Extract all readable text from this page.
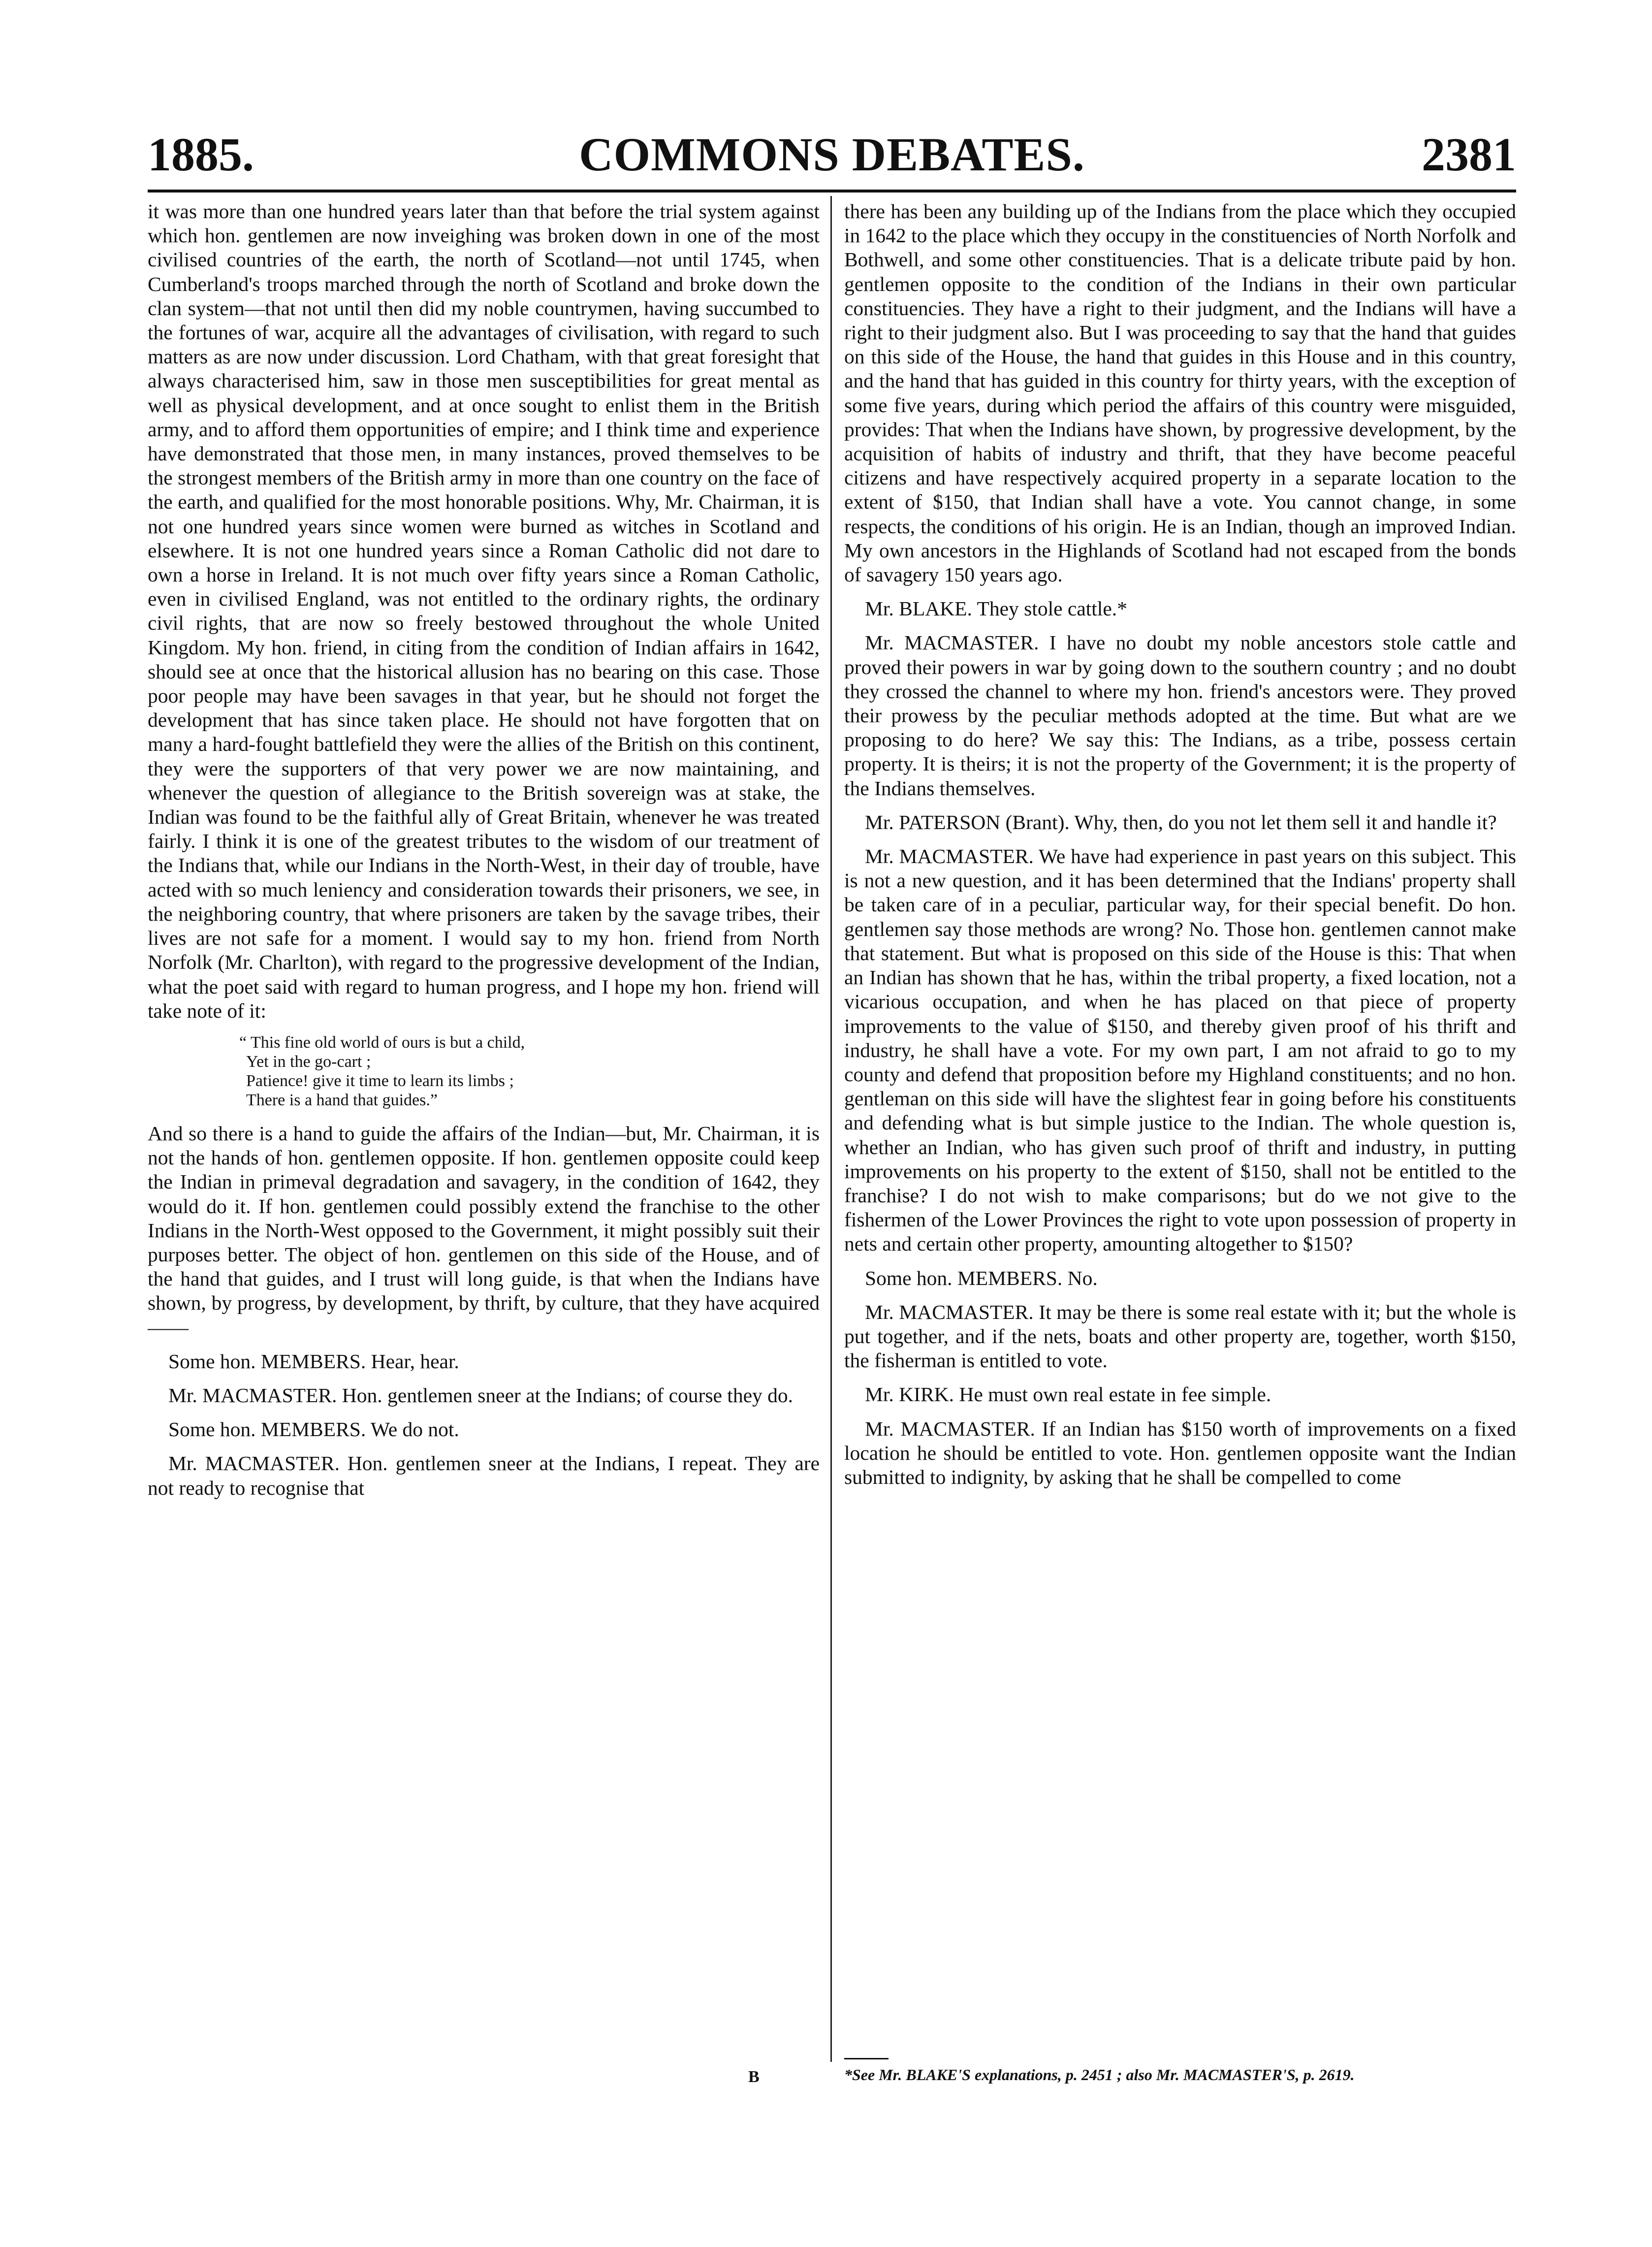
1885.	COMMONS DEBATES.	2381

it was more than one hundred years later than that before the trial system against which hon. gentlemen are now inveighing was broken down in one of the most civilised countries of the earth, the north of Scotland—not until 1745, when Cumberland's troops marched through the north of Scotland and broke down the clan system—that not until then did my noble countrymen, having succumbed to the fortunes of war, acquire all the advantages of civilisation, with regard to such matters as are now under discussion. Lord Chatham, with that great foresight that always characterised him, saw in those men susceptibilities for great mental as well as physical development, and at once sought to enlist them in the British army, and to afford them opportunities of empire; and I think time and experience have demonstrated that those men, in many instances, proved themselves to be the strongest members of the British army in more than one country on the face of the earth, and qualified for the most honorable positions. Why, Mr. Chairman, it is not one hundred years since women were burned as witches in Scotland and elsewhere. It is not one hundred years since a Roman Catholic did not dare to own a horse in Ireland. It is not much over fifty years since a Roman Catholic, even in civilised England, was not entitled to the ordinary rights, the ordinary civil rights, that are now so freely bestowed throughout the whole United Kingdom. My hon. friend, in citing from the condition of Indian affairs in 1642, should see at once that the historical allusion has no bearing on this case. Those poor people may have been savages in that year, but he should not forget the development that has since taken place. He should not have forgotten that on many a hard-fought battlefield they were the allies of the British on this continent, they were the supporters of that very power we are now maintaining, and whenever the question of allegiance to the British sovereign was at stake, the Indian was found to be the faithful ally of Great Britain, whenever he was treated fairly. I think it is one of the greatest tributes to the wisdom of our treatment of the Indians that, while our Indians in the North-West, in their day of trouble, have acted with so much leniency and consideration towards their prisoners, we see, in the neighboring country, that where prisoners are taken by the savage tribes, their lives are not safe for a moment. I would say to my hon. friend from North Norfolk (Mr. Charlton), with regard to the progressive development of the Indian, what the poet said with regard to human progress, and I hope my hon. friend will take note of it:

“ This fine old world of ours is but a child,
Yet in the go-cart ;
Patience! give it time to learn its limbs ;
There is a hand that guides.”

And so there is a hand to guide the affairs of the Indian—but, Mr. Chairman, it is not the hands of hon. gentlemen opposite. If hon. gentlemen opposite could keep the Indian in primeval degradation and savagery, in the condition of 1642, they would do it. If hon. gentlemen could possibly extend the franchise to the other Indians in the North-West opposed to the Government, it might possibly suit their purposes better. The object of hon. gentlemen on this side of the House, and of the hand that guides, and I trust will long guide, is that when the Indians have shown, by progress, by development, by thrift, by culture, that they have acquired——

Some hon. MEMBERS. Hear, hear.

Mr. MACMASTER. Hon. gentlemen sneer at the Indians; of course they do.

Some hon. MEMBERS. We do not.

Mr. MACMASTER. Hon. gentlemen sneer at the Indians, I repeat. They are not ready to recognise that

B

there has been any building up of the Indians from the place which they occupied in 1642 to the place which they occupy in the constituencies of North Norfolk and Bothwell, and some other constituencies. That is a delicate tribute paid by hon. gentlemen opposite to the condition of the Indians in their own particular constituencies. They have a right to their judgment, and the Indians will have a right to their judgment also. But I was proceeding to say that the hand that guides on this side of the House, the hand that guides in this House and in this country, and the hand that has guided in this country for thirty years, with the exception of some five years, during which period the affairs of this country were misguided, provides: That when the Indians have shown, by progressive development, by the acquisition of habits of industry and thrift, that they have become peaceful citizens and have respectively acquired property in a separate location to the extent of $150, that Indian shall have a vote. You cannot change, in some respects, the conditions of his origin. He is an Indian, though an improved Indian. My own ancestors in the Highlands of Scotland had not escaped from the bonds of savagery 150 years ago.

Mr. BLAKE. They stole cattle.*

Mr. MACMASTER. I have no doubt my noble ancestors stole cattle and proved their powers in war by going down to the southern country ; and no doubt they crossed the channel to where my hon. friend's ancestors were. They proved their prowess by the peculiar methods adopted at the time. But what are we proposing to do here? We say this: The Indians, as a tribe, possess certain property. It is theirs; it is not the property of the Government; it is the property of the Indians themselves.

Mr. PATERSON (Brant). Why, then, do you not let them sell it and handle it?

Mr. MACMASTER. We have had experience in past years on this subject. This is not a new question, and it has been determined that the Indians' property shall be taken care of in a peculiar, particular way, for their special benefit. Do hon. gentlemen say those methods are wrong? No. Those hon. gentlemen cannot make that statement. But what is proposed on this side of the House is this: That when an Indian has shown that he has, within the tribal property, a fixed location, not a vicarious occupation, and when he has placed on that piece of property improvements to the value of $150, and thereby given proof of his thrift and industry, he shall have a vote. For my own part, I am not afraid to go to my county and defend that proposition before my Highland constituents; and no hon. gentleman on this side will have the slightest fear in going before his constituents and defending what is but simple justice to the Indian. The whole question is, whether an Indian, who has given such proof of thrift and industry, in putting improvements on his property to the extent of $150, shall not be entitled to the franchise? I do not wish to make comparisons; but do we not give to the fishermen of the Lower Provinces the right to vote upon possession of property in nets and certain other property, amounting altogether to $150?

Some hon. MEMBERS. No.

Mr. MACMASTER. It may be there is some real estate with it; but the whole is put together, and if the nets, boats and other property are, together, worth $150, the fisherman is entitled to vote.

Mr. KIRK. He must own real estate in fee simple.

Mr. MACMASTER. If an Indian has $150 worth of improvements on a fixed location he should be entitled to vote. Hon. gentlemen opposite want the Indian submitted to indignity, by asking that he shall be compelled to come

*See Mr. BLAKE'S explanations, p. 2451 ; also Mr. MACMASTER'S, p. 2619.
